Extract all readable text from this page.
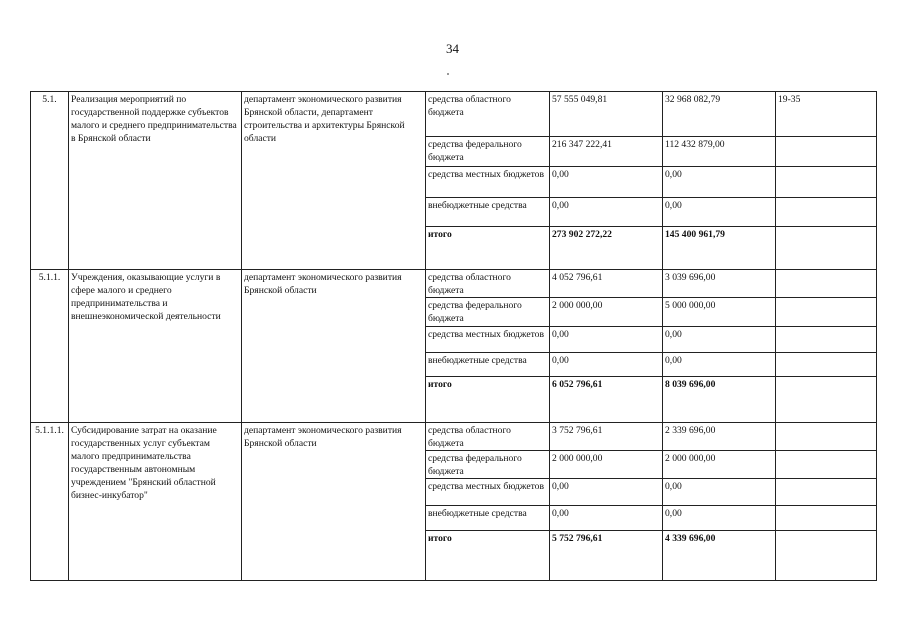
34
5.1.	Реализация мероприятий по государственной поддержке субъектов малого и среднего предпринимательства в Брянской области	департамент экономического развития Брянской области, департамент строительства и архитектуры Брянской области	средства областного бюджета	57 555 049,81	32 968 082,79	19-35
			средства федерального бюджета	216 347 222,41	112 432 879,00	
			средства местных бюджетов	0,00	0,00	
			внебюджетные средства	0,00	0,00	
			итого	273 902 272,22	145 400 961,79	
5.1.1.	Учреждения, оказывающие услуги в сфере малого и среднего предпринимательства и внешнеэкономической деятельности	департамент экономического развития Брянской области	средства областного бюджета	4 052 796,61	3 039 696,00	
			средства федерального бюджета	2 000 000,00	5 000 000,00	
			средства местных бюджетов	0,00	0,00	
			внебюджетные средства	0,00	0,00	
			итого	6 052 796,61	8 039 696,00	
5.1.1.1.	Субсидирование затрат на оказание государственных услуг субъектам малого предпринимательства государственным автономным учреждением "Брянский областной бизнес-инкубатор"	департамент экономического развития Брянской области	средства областного бюджета	3 752 796,61	2 339 696,00	
			средства федерального бюджета	2 000 000,00	2 000 000,00	
			средства местных бюджетов	0,00	0,00	
			внебюджетные средства	0,00	0,00	
			итого	5 752 796,61	4 339 696,00	
